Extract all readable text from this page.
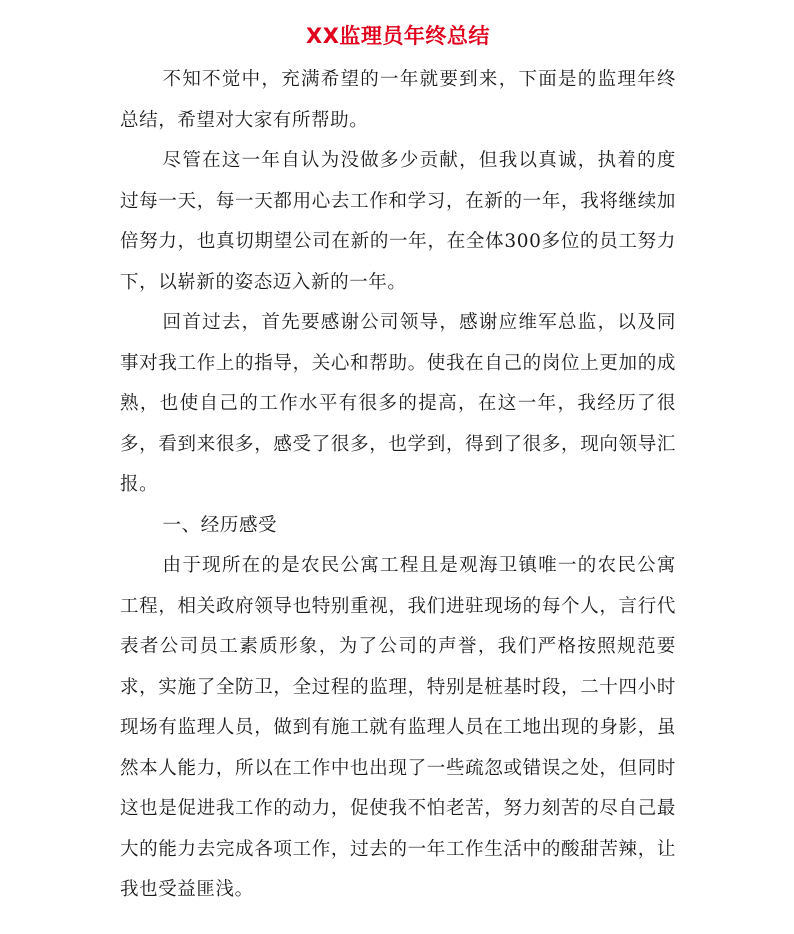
XX监理员年终总结

不知不觉中，充满希望的一年就要到来，下面是的监理年终总结，希望对大家有所帮助。

尽管在这一年自认为没做多少贡献，但我以真诚，执着的度过每一天，每一天都用心去工作和学习，在新的一年，我将继续加倍努力，也真切期望公司在新的一年，在全体300多位的员工努力下，以崭新的姿态迈入新的一年。

回首过去，首先要感谢公司领导，感谢应维军总监，以及同事对我工作上的指导，关心和帮助。使我在自己的岗位上更加的成熟，也使自己的工作水平有很多的提高，在这一年，我经历了很多，看到来很多，感受了很多，也学到，得到了很多，现向领导汇报。

一、经历感受

由于现所在的是农民公寓工程且是观海卫镇唯一的农民公寓工程，相关政府领导也特别重视，我们进驻现场的每个人，言行代表者公司员工素质形象，为了公司的声誉，我们严格按照规范要求，实施了全防卫，全过程的监理，特别是桩基时段，二十四小时现场有监理人员，做到有施工就有监理人员在工地出现的身影，虽然本人能力，所以在工作中也出现了一些疏忽或错误之处，但同时这也是促进我工作的动力，促使我不怕老苦，努力刻苦的尽自己最大的能力去完成各项工作，过去的一年工作生活中的酸甜苦辣，让我也受益匪浅。
